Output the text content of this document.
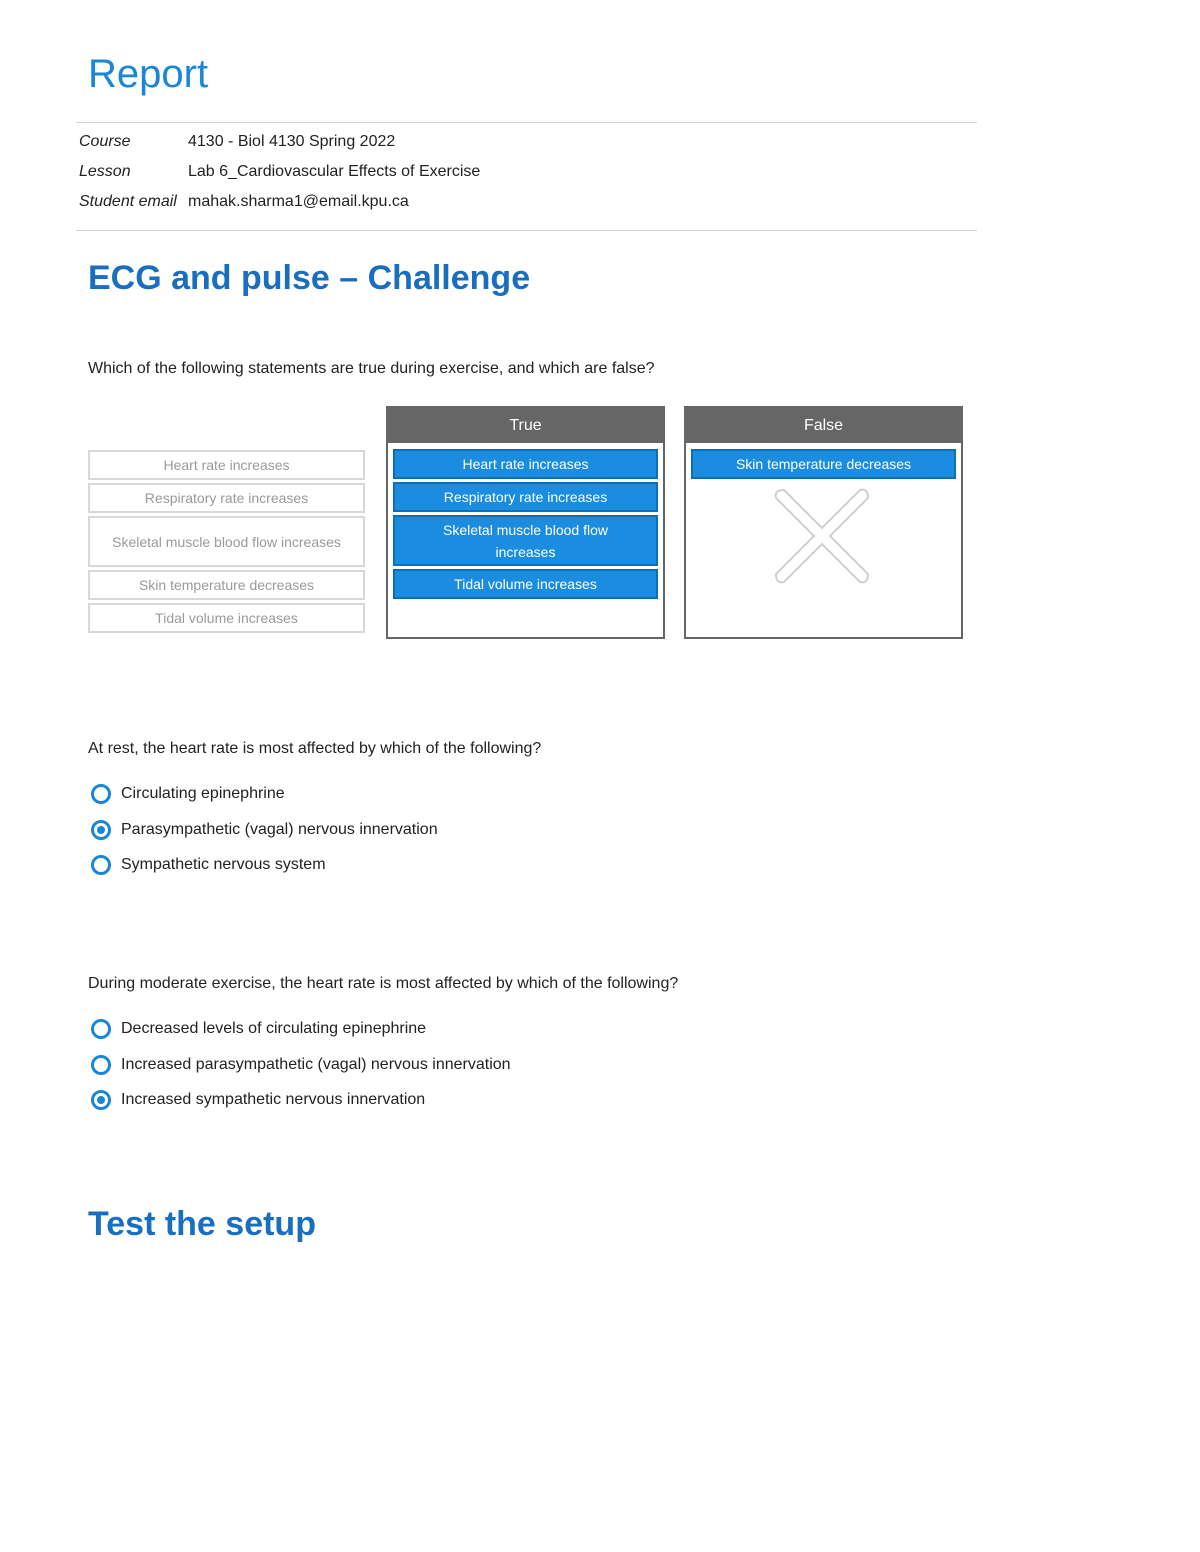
Report
Course	4130 - Biol 4130 Spring 2022
Lesson	Lab 6_Cardiovascular Effects of Exercise
Student email mahak.sharma1@email.kpu.ca
ECG and pulse – Challenge
Which of the following statements are true during exercise, and which are false?
Heart rate increases
Respiratory rate increases
Skeletal muscle blood flow increases
Skin temperature decreases
Tidal volume increases
True
Heart rate increases
Respiratory rate increases
Skeletal muscle blood flow increases
Tidal volume increases
False
Skin temperature decreases
At rest, the heart rate is most affected by which of the following?
Circulating epinephrine
Parasympathetic (vagal) nervous innervation
Sympathetic nervous system
During moderate exercise, the heart rate is most affected by which of the following?
Decreased levels of circulating epinephrine
Increased parasympathetic (vagal) nervous innervation
Increased sympathetic nervous innervation
Test the setup
